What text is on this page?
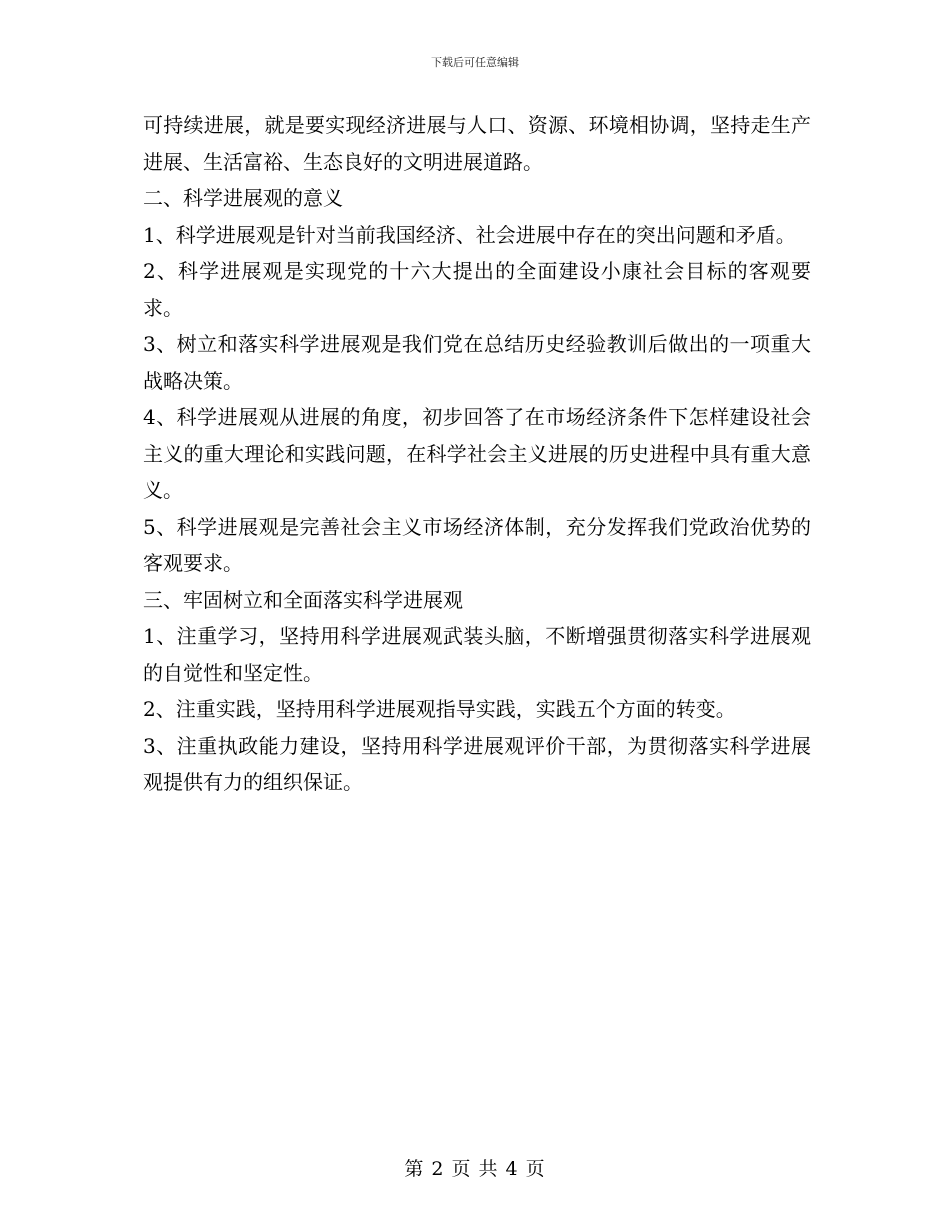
下载后可任意编辑

可持续进展，就是要实现经济进展与人口、资源、环境相协调，坚持走生产进展、生活富裕、生态良好的文明进展道路。

二、科学进展观的意义

1、科学进展观是针对当前我国经济、社会进展中存在的突出问题和矛盾。

2、科学进展观是实现党的十六大提出的全面建设小康社会目标的客观要求。

3、树立和落实科学进展观是我们党在总结历史经验教训后做出的一项重大战略决策。

4、科学进展观从进展的角度，初步回答了在市场经济条件下怎样建设社会主义的重大理论和实践问题，在科学社会主义进展的历史进程中具有重大意义。

5、科学进展观是完善社会主义市场经济体制，充分发挥我们党政治优势的客观要求。

三、牢固树立和全面落实科学进展观

1、注重学习，坚持用科学进展观武装头脑，不断增强贯彻落实科学进展观的自觉性和坚定性。

2、注重实践，坚持用科学进展观指导实践，实践五个方面的转变。

3、注重执政能力建设，坚持用科学进展观评价干部，为贯彻落实科学进展观提供有力的组织保证。

第 2 页 共 4 页
